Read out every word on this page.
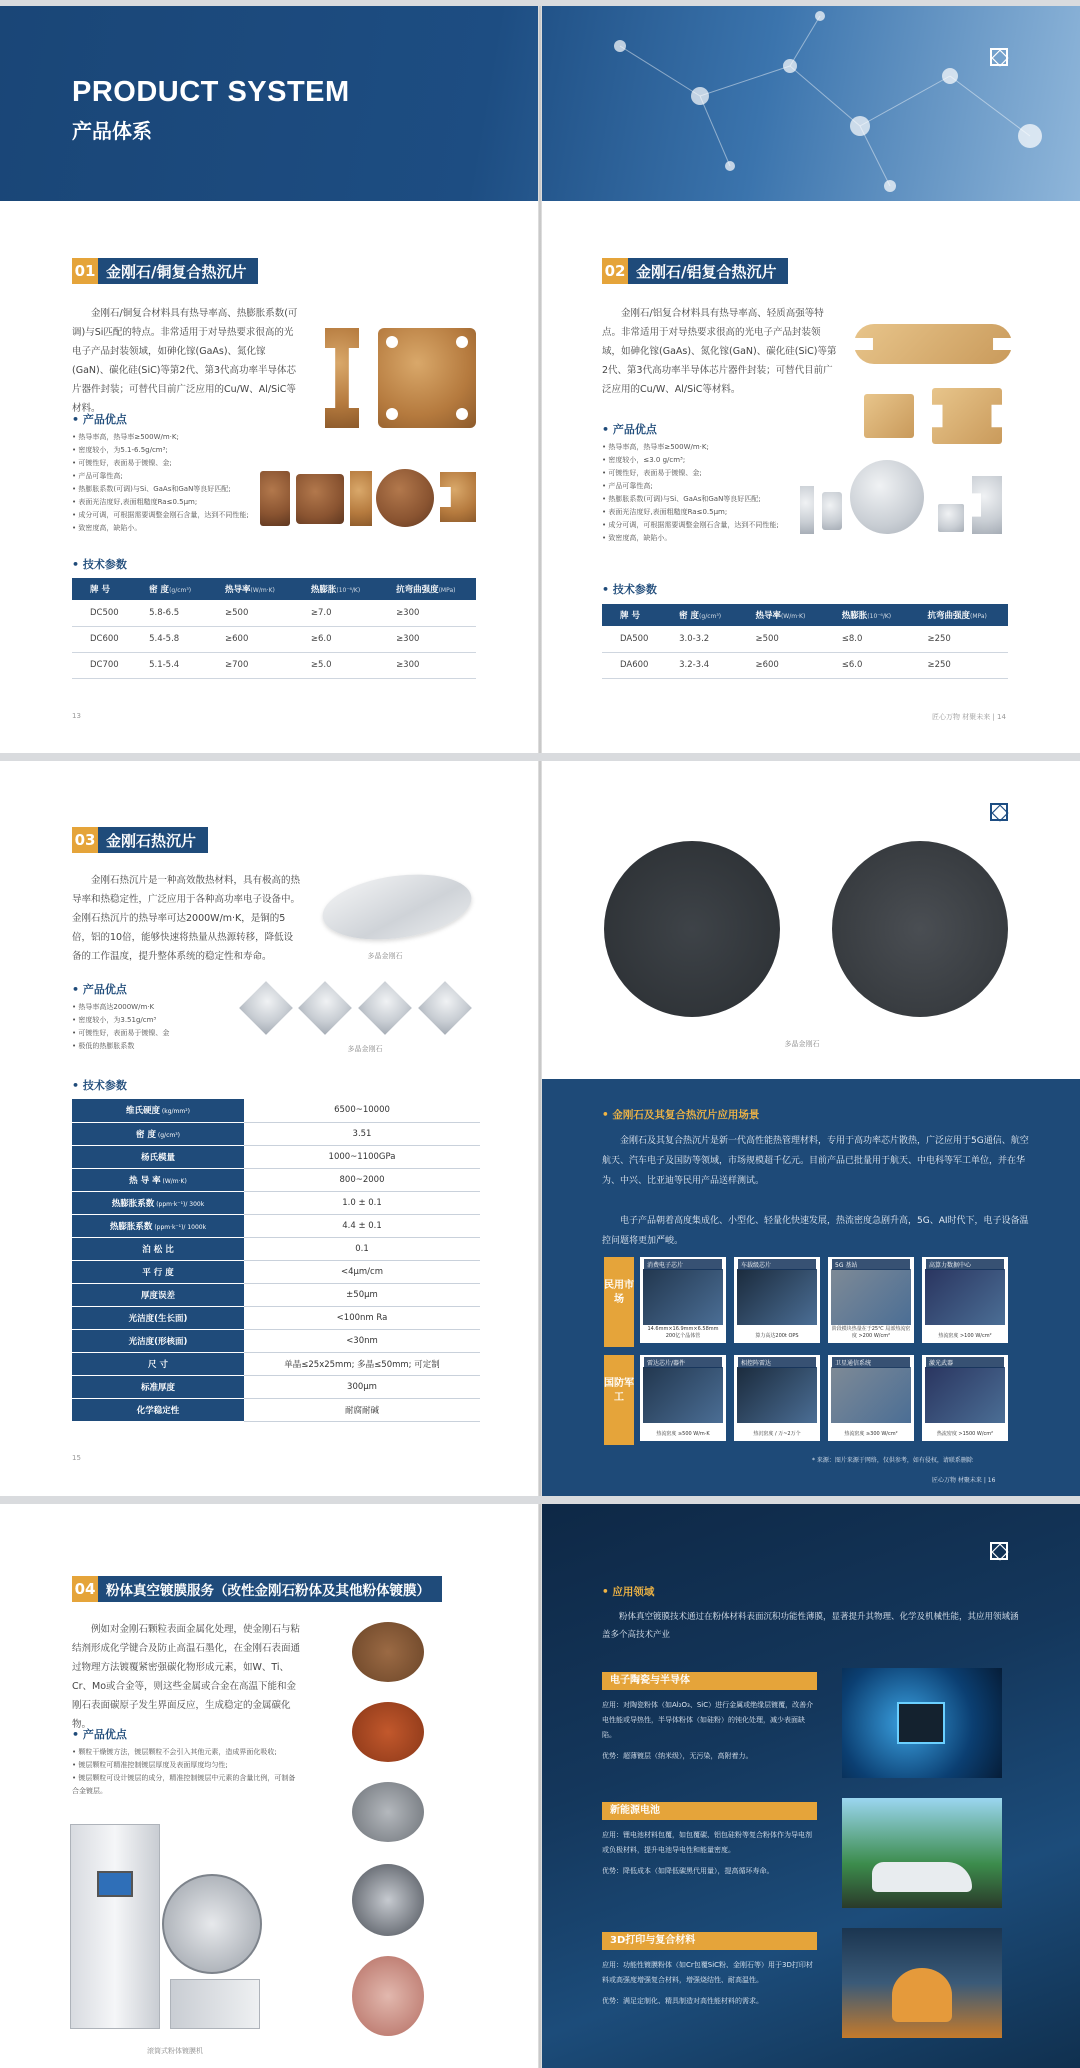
PRODUCT SYSTEM
产品体系
01 金刚石/铜复合热沉片
金刚石/铜复合材料具有热导率高、热膨胀系数(可调)与Si匹配的特点。非常适用于对导热要求很高的光电子产品封装领域，如砷化镓(GaAs)、氮化镓(GaN)、碳化硅(SiC)等第2代、第3代高功率半导体芯片器件封装；可替代目前广泛应用的Cu/W、Al/SiC等材料。
• 产品优点
• 热导率高，热导率≥500W/m·K;
• 密度较小，为5.1-6.5g/cm³;
• 可镀性好，表面易于镀镍、金;
• 产品可靠性高;
• 热膨胀系数(可调)与Si、GaAs和GaN等良好匹配;
• 表面光洁度好,表面粗糙度Ra≤0.5μm;
• 成分可调，可根据需要调整金刚石含量，达到不同性能;
• 致密度高，缺陷小。
• 技术参数
牌 号	密 度(g/cm³)	热导率(W/m·K)	热膨胀(10⁻⁶/K)	抗弯曲强度(MPa)
DC500	5.8-6.5	≥500	≥7.0	≥300
DC600	5.4-5.8	≥600	≥6.0	≥300
DC700	5.1-5.4	≥700	≥5.0	≥300
13
02 金刚石/铝复合热沉片
金刚石/铝复合材料具有热导率高、轻质高强等特点。非常适用于对导热要求很高的光电子产品封装领域，如砷化镓(GaAs)、氮化镓(GaN)、碳化硅(SiC)等第2代、第3代高功率半导体芯片器件封装；可替代目前广泛应用的Cu/W、Al/SiC等材料。
• 产品优点
• 热导率高，热导率≥500W/m·K;
• 密度较小，≤3.0 g/cm³;
• 可镀性好，表面易于镀镍、金;
• 产品可靠性高;
• 热膨胀系数(可调)与Si、GaAs和GaN等良好匹配;
• 表面光洁度好,表面粗糙度Ra≤0.5μm;
• 成分可调，可根据需要调整金刚石含量，达到不同性能;
• 致密度高，缺陷小。
• 技术参数
牌 号	密 度(g/cm³)	热导率(W/m·K)	热膨胀(10⁻⁶/K)	抗弯曲强度(MPa)
DA500	3.0-3.2	≥500	≤8.0	≥250
DA600	3.2-3.4	≥600	≤6.0	≥250
匠心万物 材聚未来 | 14
03 金刚石热沉片
金刚石热沉片是一种高效散热材料，具有极高的热导率和热稳定性，广泛应用于各种高功率电子设备中。金刚石热沉片的热导率可达2000W/m·K，是铜的5倍，铝的10倍，能够快速将热量从热源转移，降低设备的工作温度，提升整体系统的稳定性和寿命。	多晶金刚石
• 产品优点
• 热导率高达2000W/m·K
• 密度较小，为3.51g/cm³
• 可镀性好，表面易于镀镍、金
• 极低的热膨胀系数	多晶金刚石
• 技术参数
维氏硬度 (kg/mm²)	6500~10000
密 度 (g/cm³)	3.51
杨氏模量	1000~1100GPa
热 导 率 (W/m·K)	800~2000
热膨胀系数 (ppm·k⁻¹)/ 300k	1.0 ± 0.1
热膨胀系数 (ppm·k⁻¹)/ 1000k	4.4 ± 0.1
泊 松 比	0.1
平 行 度	<4μm/cm
厚度误差	±50μm
光洁度(生长面)	<100nm Ra
光洁度(形核面)	<30nm
尺 寸	单晶≤25x25mm; 多晶≤50mm; 可定制
标准厚度	300μm
化学稳定性	耐腐耐碱
15
多晶金刚石
• 金刚石及其复合热沉片应用场景
金刚石及其复合热沉片是新一代高性能热管理材料，专用于高功率芯片散热，广泛应用于5G通信、航空航天、汽车电子及国防等领域，市场规模超千亿元。目前产品已批量用于航天、中电科等军工单位，并在华为、中兴、比亚迪等民用产品送样测试。
电子产品朝着高度集成化、小型化、轻量化快速发展，热流密度急剧升高，5G、AI时代下，电子设备温控问题将更加严峻。
民用市场
消费电子芯片
14.6mm×16.9mm×6.58mm 200亿个晶体管
车载级芯片
算力高达200t OPS
5G 基站
阶段模块热量在于25℃ 局部热流密度 >200 W/cm²
高算力数据中心
热流密度 >100 W/cm²
国防军工
雷达芯片/器件
热流密度 ≥500 W/m·K
相控阵雷达
热沉密度 / 万~2万个
卫星通信系统
热流密度 ≥300 W/cm²
激光武器
热流密度 >1500 W/cm²
* 来源：图片来源于网络，仅供参考，如有侵权，请联系删除
匠心万物 材聚未来 | 16
04 粉体真空镀膜服务（改性金刚石粉体及其他粉体镀膜）
例如对金刚石颗粒表面金属化处理，使金刚石与粘结剂形成化学键合及防止高温石墨化，在金刚石表面通过物理方法镀覆紧密强碳化物形成元素，如W、Ti、Cr、Mo或合金等，则这些金属或合金在高温下能和金刚石表面碳原子发生界面反应，生成稳定的金属碳化物。
• 产品优点
• 颗粒干燥镀方法，镀层颗粒不会引入其他元素，造成界面化吸收;
• 镀层颗粒可精准控制镀层厚度及表面厚度均匀性;
• 镀层颗粒可设计镀层的成分，精准控制镀层中元素的含量比例，可制备合金镀层。
滚筒式粉体镀膜机
• 应用领域
粉体真空镀膜技术通过在粉体材料表面沉积功能性薄膜，显著提升其物理、化学及机械性能，其应用领域涵盖多个高技术产业
电子陶瓷与半导体
应用：对陶瓷粉体（如Al₂O₃、SiC）进行金属或绝缘层镀覆，改善介电性能或导热性，半导体粉体（如硅粉）的钝化处理，减少表面缺陷。
优势：超薄镀层（纳米级），无污染，高附着力。
新能源电池
应用：锂电池材料包覆，如包覆碳、铝包硅粉等复合粉体作为导电剂或负极材料，提升电池导电性和能量密度。
优势：降低成本（如降低碳黑代用量），提高循环寿命。
3D打印与复合材料
应用：功能性镀膜粉体（如Cr包覆SiC粉、金刚石等）用于3D打印材料或高强度增强复合材料，增强烧结性、耐高温性。
优势：满足定制化、精具制造对高性能材料的需求。
